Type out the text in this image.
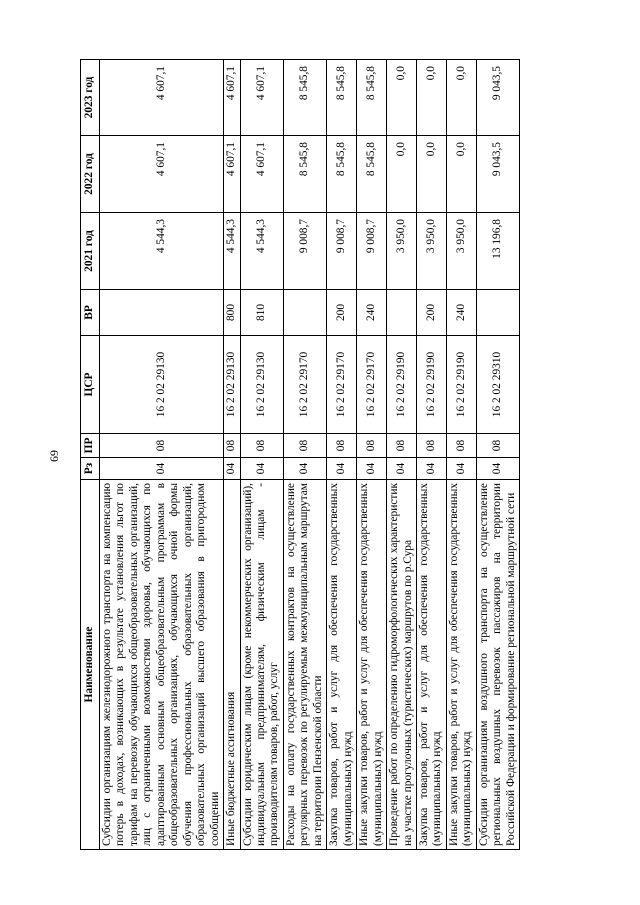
69
Наименование	Рз	ПР	ЦСР	ВР	2021 год	2022 год	2023 год
Субсидии организациям железнодорожного транспорта на компенсацию потерь в доходах, возникающих в результате установления льгот по тарифам на перевозку обучающихся общеобразовательных организаций, лиц с ограниченными возможностями здоровья, обучающихся по адаптированным основным общеобразовательным программам в общеобразовательных организациях, обучающихся очной формы обучения профессиональных образовательных организаций, образовательных организаций высшего образования в пригородном сообщении	04	08	16 2 02 29130		4 544,3	4 607,1	4 607,1
Иные бюджетные ассигнования	04	08	16 2 02 29130	800	4 544,3	4 607,1	4 607,1
Субсидии юридическим лицам (кроме некоммерческих организаций), индивидуальным предпринимателям, физическим лицам - производителям товаров, работ, услуг	04	08	16 2 02 29130	810	4 544,3	4 607,1	4 607,1
Расходы на оплату государственных контрактов на осуществление регулярных перевозок по регулируемым межмуниципальным маршрутам на территории Пензенской области	04	08	16 2 02 29170		9 008,7	8 545,8	8 545,8
Закупка товаров, работ и услуг для обеспечения государственных (муниципальных) нужд	04	08	16 2 02 29170	200	9 008,7	8 545,8	8 545,8
Иные закупки товаров, работ и услуг для обеспечения государственных (муниципальных) нужд	04	08	16 2 02 29170	240	9 008,7	8 545,8	8 545,8
Проведение работ по определению гидроморфологических характеристик на участке прогулочных (туристических) маршрутов по р.Сура	04	08	16 2 02 29190		3 950,0	0,0	0,0
Закупка товаров, работ и услуг для обеспечения государственных (муниципальных) нужд	04	08	16 2 02 29190	200	3 950,0	0,0	0,0
Иные закупки товаров, работ и услуг для обеспечения государственных (муниципальных) нужд	04	08	16 2 02 29190	240	3 950,0	0,0	0,0
Субсидии организациям воздушного транспорта на осуществление региональных воздушных перевозок пассажиров на территории Российской Федерации и формирование региональной маршрутной сети	04	08	16 2 02 29310		13 196,8	9 043,5	9 043,5
